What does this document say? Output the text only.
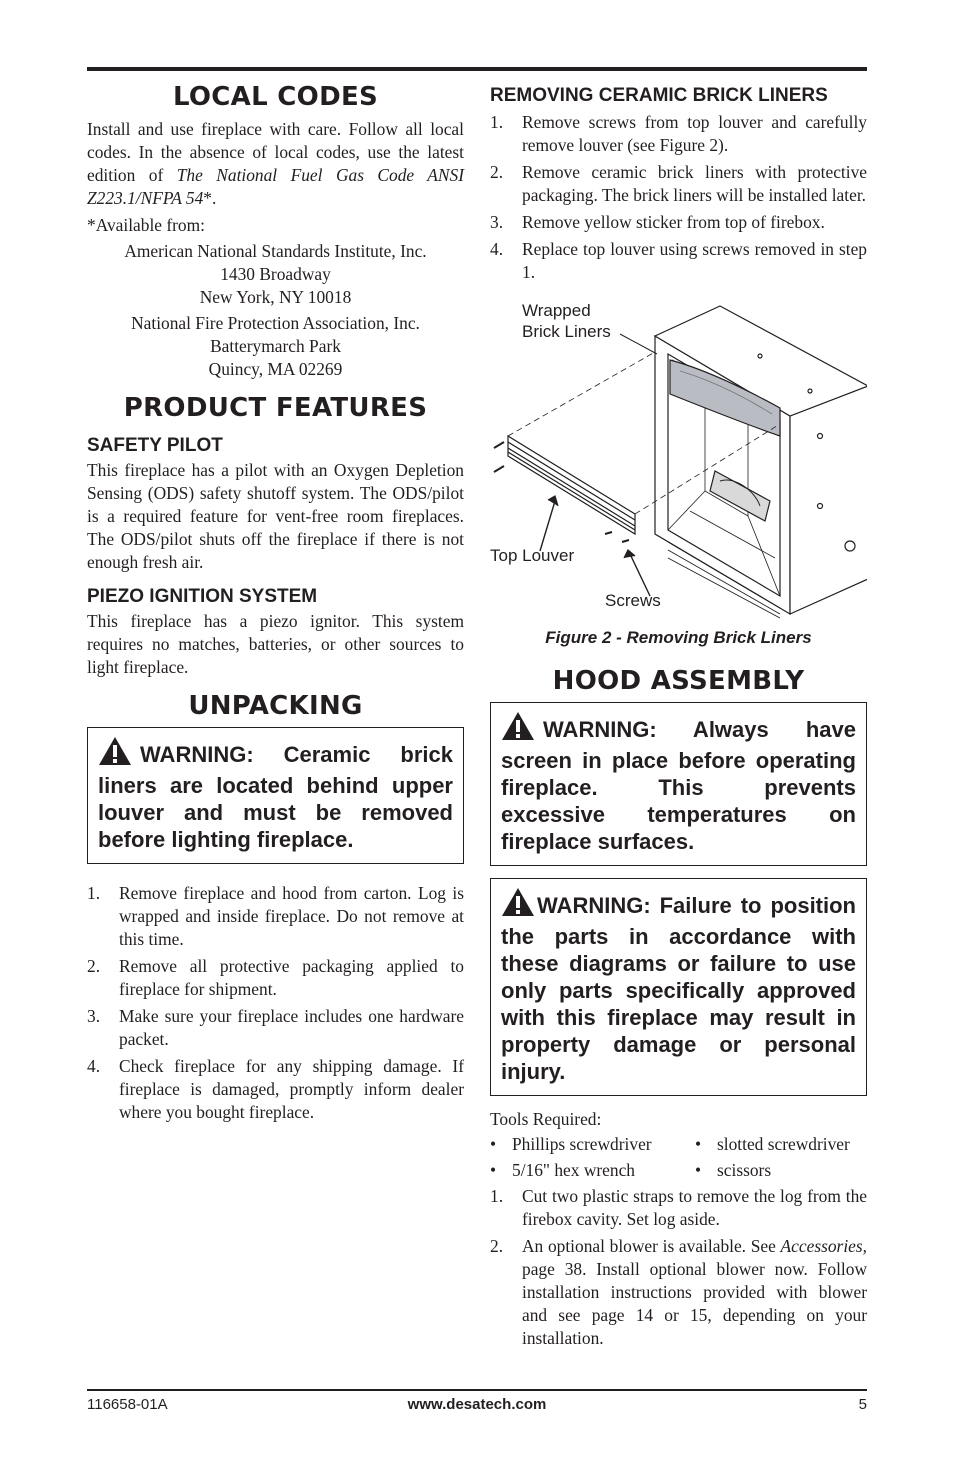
LOCAL CODES

Install and use fireplace with care. Follow all local codes. In the absence of local codes, use the latest edition of The National Fuel Gas Code ANSI Z223.1/NFPA 54*.

*Available from:

American National Standards Institute, Inc.

1430 Broadway

New York, NY 10018

National Fire Protection Association, Inc.

Batterymarch Park

Quincy, MA 02269

PRODUCT FEATURES
SAFETY PILOT

This fireplace has a pilot with an Oxygen Depletion Sensing (ODS) safety shutoff system. The ODS/pilot is a required feature for vent-free room fireplaces. The ODS/pilot shuts off the fireplace if there is not enough fresh air.

PIEZO IGNITION SYSTEM

This fireplace has a piezo ignitor. This system requires no matches, batteries, or other sources to light fireplace.

UNPACKING

WARNING: Ceramic brick liners are located behind upper louver and must be removed before lighting fireplace.

1. Remove fireplace and hood from carton. Log is wrapped and inside fireplace. Do not remove at this time.
2. Remove all protective packaging applied to fireplace for shipment.
3. Make sure your fireplace includes one hardware packet.
4. Check fireplace for any shipping damage. If fireplace is damaged, promptly inform dealer where you bought fireplace.
REMOVING CERAMIC BRICK LINERS
1. Remove screws from top louver and carefully remove louver (see Figure 2).
2. Remove ceramic brick liners with protective packaging. The brick liners will be installed later.
3. Remove yellow sticker from top of firebox.
4. Replace top louver using screws removed in step 1.
Wrapped
Brick Liners
Top Louver
Screws

Figure 2 - Removing Brick Liners

HOOD ASSEMBLY

WARNING: Always have screen in place before operating fireplace. This prevents excessive temperatures on fireplace surfaces.

WARNING: Failure to position the parts in accordance with these diagrams or failure to use only parts specifically approved with this fireplace may result in property damage or personal injury.

Tools Required:

• Phillips screwdriver	• slotted screwdriver
• 5/16" hex wrench	• scissors
1. Cut two plastic straps to remove the log from the firebox cavity. Set log aside.
2. An optional blower is available. See Accessories, page 38. Install optional blower now. Follow installation instructions provided with blower and see page 14 or 15, depending on your installation.
116658-01A	www.desatech.com	5
